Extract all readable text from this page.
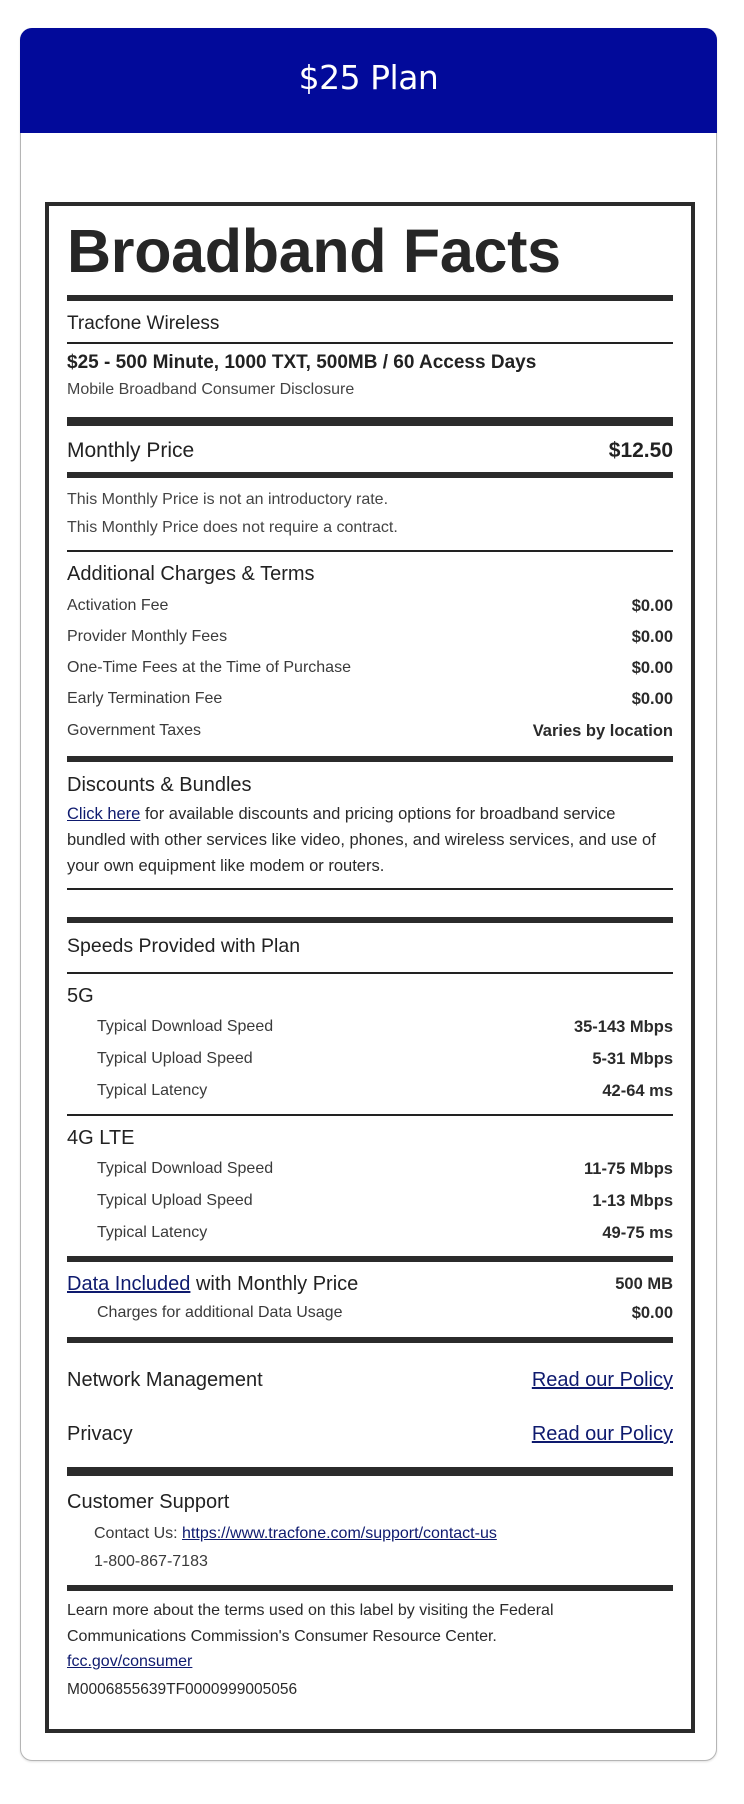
$25 Plan
Broadband Facts
Tracfone Wireless
$25 - 500 Minute, 1000 TXT, 500MB / 60 Access Days
Mobile Broadband Consumer Disclosure
Monthly Price	$12.50
This Monthly Price is not an introductory rate.
This Monthly Price does not require a contract.
Additional Charges & Terms
Activation Fee	$0.00
Provider Monthly Fees	$0.00
One-Time Fees at the Time of Purchase	$0.00
Early Termination Fee	$0.00
Government Taxes	Varies by location
Discounts & Bundles
Click here for available discounts and pricing options for broadband service bundled with other services like video, phones, and wireless services, and use of your own equipment like modem or routers.
Speeds Provided with Plan
5G
Typical Download Speed	35-143 Mbps
Typical Upload Speed	5-31 Mbps
Typical Latency	42-64 ms
4G LTE
Typical Download Speed	11-75 Mbps
Typical Upload Speed	1-13 Mbps
Typical Latency	49-75 ms
Data Included with Monthly Price	500 MB
Charges for additional Data Usage	$0.00
Network Management	Read our Policy
Privacy	Read our Policy
Customer Support
Contact Us: https://www.tracfone.com/support/contact-us
1-800-867-7183
Learn more about the terms used on this label by visiting the Federal Communications Commission's Consumer Resource Center.
fcc.gov/consumer
M0006855639TF0000999005056
